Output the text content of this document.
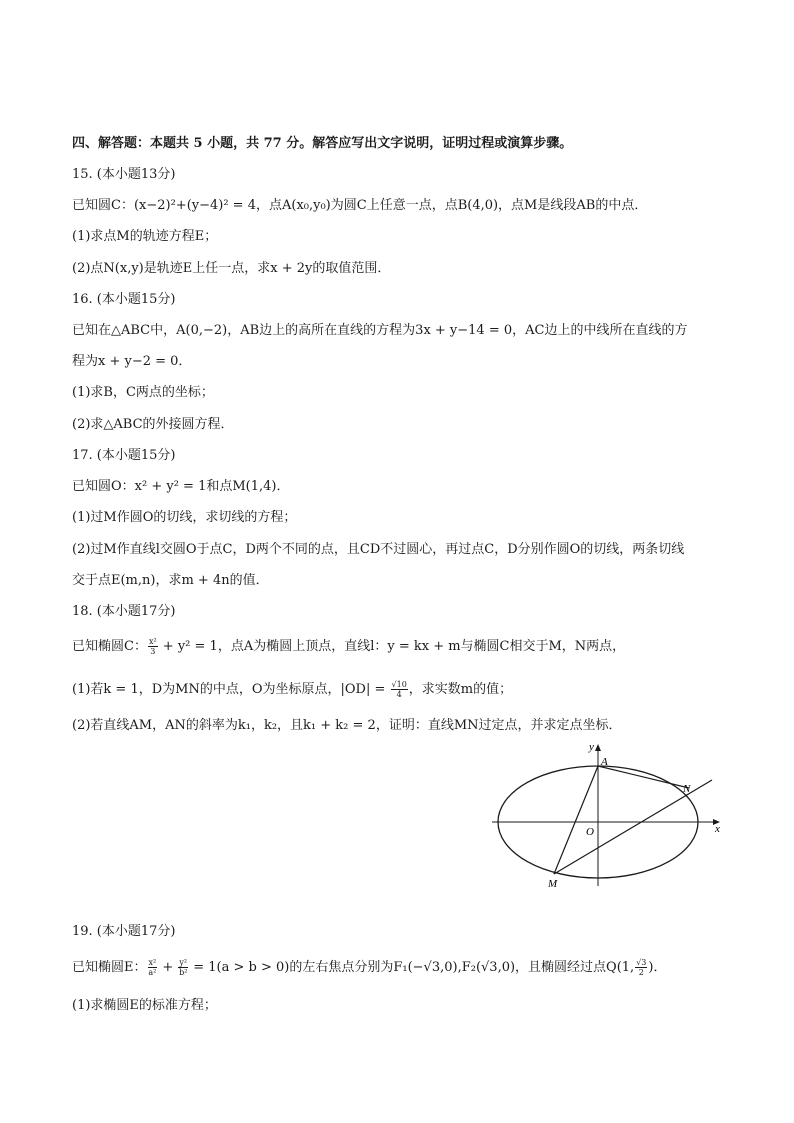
四、解答题：本题共 5 小题，共 77 分。解答应写出文字说明，证明过程或演算步骤。
15. (本小题13分)
已知圆C：(x−2)²+(y−4)² = 4，点A(x₀,y₀)为圆C上任意一点，点B(4,0)，点M是线段AB的中点．
(1)求点M的轨迹方程E；
(2)点N(x,y)是轨迹E上任一点，求x + 2y的取值范围．
16. (本小题15分)
已知在△ABC中，A(0,−2)，AB边上的高所在直线的方程为3x + y−14 = 0，AC边上的中线所在直线的方
程为x + y−2 = 0．
(1)求B，C两点的坐标；
(2)求△ABC的外接圆方程．
17. (本小题15分)
已知圆O：x² + y² = 1和点M(1,4)．
(1)过M作圆O的切线，求切线的方程；
(2)过M作直线l交圆O于点C，D两个不同的点，且CD不过圆心，再过点C，D分别作圆O的切线，两条切线
交于点E(m,n)，求m + 4n的值．
18. (本小题17分)
已知椭圆C： $\frac{\text{x²}}{3} + y^2 = 1$，点A为椭圆上顶点，直线l：y = kx + m与椭圆C相交于M，N两点，
(1)若k = 1，D为MN的中点，O为坐标原点，$|OD| = \frac{√10}{4}$ ，求实数m的值；
(2)若直线AM，AN的斜率为k₁，k₂，且k₁ + k₂ = 2，证明：直线MN过定点，并求定点坐标．
y
x
A
N
O
M
19. (本小题17分)
已知椭圆E： $\frac{\text{x²}}{\text{a²}} + \frac{\text{y²}}{\text{b²}} = 1(a > b > 0)$的左右焦点分别为F₁(−√3,0),F₂(√3,0)，且椭圆经过点Q(1, $\frac{√3}{2}$ )．
(1)求椭圆E的标准方程；
